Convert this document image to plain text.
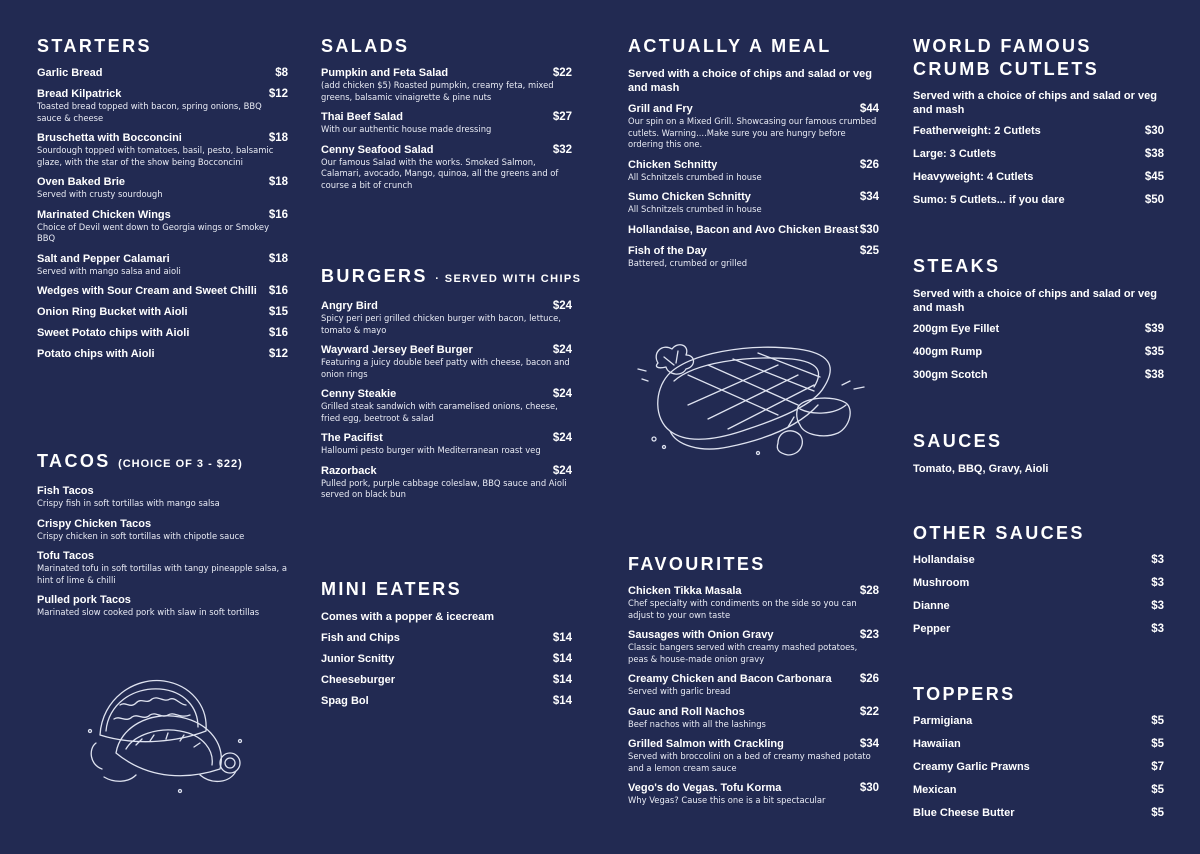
STARTERS
Garlic Bread	$8
Bread Kilpatrick	$12
Toasted bread topped with bacon, spring onions, BBQ sauce & cheese
Bruschetta with Bocconcini	$18
Sourdough topped with tomatoes, basil, pesto, balsamic glaze, with the star of the show being Bocconcini
Oven Baked Brie	$18
Served with crusty sourdough
Marinated Chicken Wings	$16
Choice of Devil went down to Georgia wings or Smokey BBQ
Salt and Pepper Calamari	$18
Served with mango salsa and aioli
Wedges with Sour Cream and Sweet Chilli $16
Onion Ring Bucket with Aioli	$15
Sweet Potato chips with Aioli	$16
Potato chips with Aioli	$12
TACOS (CHOICE OF 3 - $22)
Fish Tacos
Crispy fish in soft tortillas with mango salsa
Crispy Chicken Tacos
Crispy chicken in soft tortillas with chipotle sauce
Tofu Tacos
Marinated tofu in soft tortillas with tangy pineapple salsa, a hint of lime & chilli
Pulled pork Tacos
Marinated slow cooked pork with slaw in soft tortillas
SALADS
Pumpkin and Feta Salad	$22
(add chicken $5) Roasted pumpkin, creamy feta, mixed greens, balsamic vinaigrette & pine nuts
Thai Beef Salad	$27
With our authentic house made dressing
Cenny Seafood Salad	$32
Our famous Salad with the works. Smoked Salmon, Calamari, avocado, Mango, quinoa, all the greens and of course a bit of crunch
BURGERS · SERVED WITH CHIPS
Angry Bird	$24
Spicy peri peri grilled chicken burger with bacon, lettuce, tomato & mayo
Wayward Jersey Beef Burger	$24
Featuring a juicy double beef patty with cheese, bacon and onion rings
Cenny Steakie	$24
Grilled steak sandwich with caramelised onions, cheese, fried egg, beetroot & salad
The Pacifist	$24
Halloumi pesto burger with Mediterranean roast veg
Razorback	$24
Pulled pork, purple cabbage coleslaw, BBQ sauce and Aioli served on black bun
MINI EATERS
Comes with a popper & icecream
Fish and Chips	$14
Junior Scnitty	$14
Cheeseburger	$14
Spag Bol	$14
ACTUALLY A MEAL
Served with a choice of chips and salad or veg and mash
Grill and Fry	$44
Our spin on a Mixed Grill. Showcasing our famous crumbed cutlets. Warning....Make sure you are hungry before ordering this one.
Chicken Schnitty	$26
All Schnitzels crumbed in house
Sumo Chicken Schnitty	$34
All Schnitzels crumbed in house
Hollandaise, Bacon and Avo Chicken Breast $30
Fish of the Day	$25
Battered, crumbed or grilled
FAVOURITES
Chicken Tikka Masala	$28
Chef specialty with condiments on the side so you can adjust to your own taste
Sausages with Onion Gravy	$23
Classic bangers served with creamy mashed potatoes, peas & house-made onion gravy
Creamy Chicken and Bacon Carbonara $26
Served with garlic bread
Gauc and Roll Nachos	$22
Beef nachos with all the lashings
Grilled Salmon with Crackling	$34
Served with broccolini on a bed of creamy mashed potato and a lemon cream sauce
Vego's do Vegas. Tofu Korma	$30
Why Vegas? Cause this one is a bit spectacular
WORLD FAMOUS
CRUMB CUTLETS
Served with a choice of chips and salad or veg and mash
Featherweight: 2 Cutlets	$30
Large: 3 Cutlets	$38
Heavyweight: 4 Cutlets	$45
Sumo: 5 Cutlets... if you dare	$50
STEAKS
Served with a choice of chips and salad or veg and mash
200gm Eye Fillet	$39
400gm Rump	$35
300gm Scotch	$38
SAUCES
Tomato, BBQ, Gravy, Aioli
OTHER SAUCES
Hollandaise	$3
Mushroom	$3
Dianne	$3
Pepper	$3
TOPPERS
Parmigiana	$5
Hawaiian	$5
Creamy Garlic Prawns	$7
Mexican	$5
Blue Cheese Butter	$5
